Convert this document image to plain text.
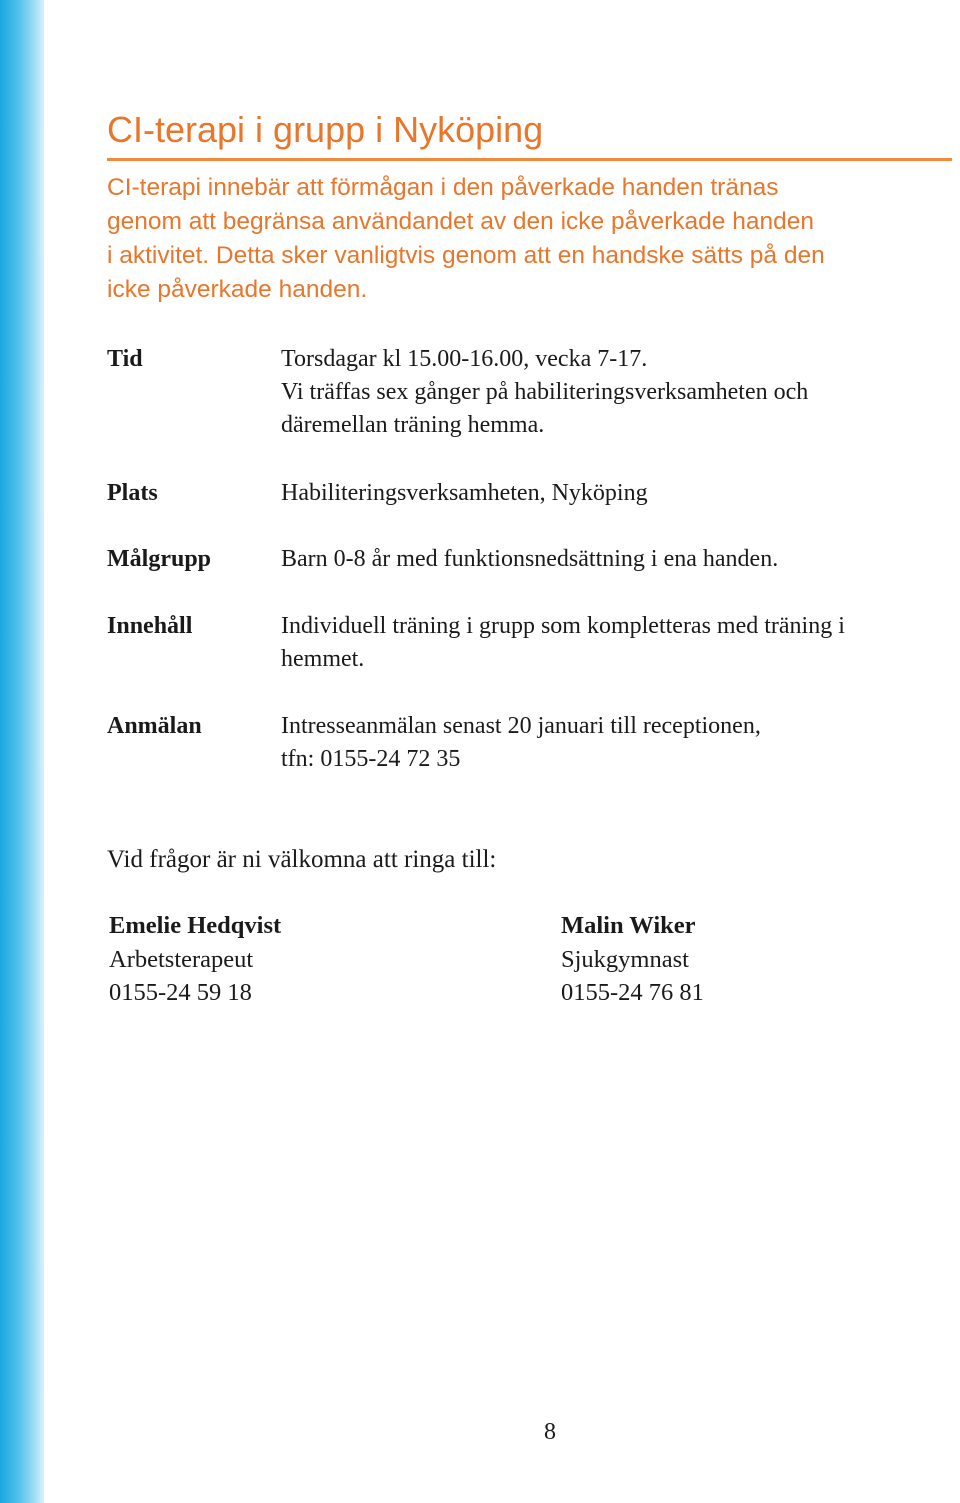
CI-terapi i grupp i Nyköping

CI-terapi innebär att förmågan i den påverkade handen tränas
genom att begränsa användandet av den icke påverkade handen
i aktivitet. Detta sker vanligtvis genom att en handske sätts på den
icke påverkade handen.

Tid	Torsdagar kl 15.00-16.00, vecka 7-17.
Vi träffas sex gånger på habiliteringsverksamheten och
däremellan träning hemma.
Plats	Habiliteringsverksamheten, Nyköping
Målgrupp	Barn 0-8 år med funktionsnedsättning i ena handen.
Innehåll	Individuell träning i grupp som kompletteras med träning i
hemmet.
Anmälan	Intresseanmälan senast 20 januari till receptionen,
tfn: 0155-24 72 35
Vid frågor är ni välkomna att ringa till:
Emelie Hedqvist
Arbetsterapeut
0155-24 59 18
Malin Wiker
Sjukgymnast
0155-24 76 81
8
